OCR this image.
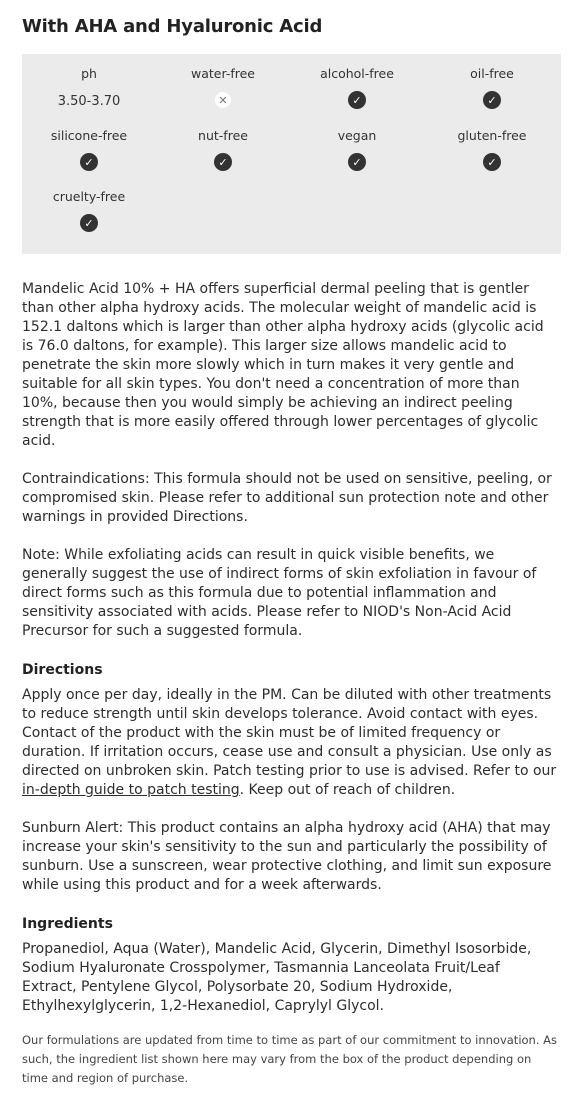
With AHA and Hyaluronic Acid
ph
3.50-3.70
water-free
✕
alcohol-free
✓
oil-free
✓
silicone-free
✓
nut-free
✓
vegan
✓
gluten-free
✓
cruelty-free
✓

Mandelic Acid 10% + HA offers superficial dermal peeling that is gentler than other alpha hydroxy acids. The molecular weight of mandelic acid is 152.1 daltons which is larger than other alpha hydroxy acids (glycolic acid is 76.0 daltons, for example). This larger size allows mandelic acid to penetrate the skin more slowly which in turn makes it very gentle and suitable for all skin types. You don't need a concentration of more than 10%, because then you would simply be achieving an indirect peeling strength that is more easily offered through lower percentages of glycolic acid.

Contraindications: This formula should not be used on sensitive, peeling, or compromised skin. Please refer to additional sun protection note and other warnings in provided Directions.

Note: While exfoliating acids can result in quick visible benefits, we generally suggest the use of indirect forms of skin exfoliation in favour of direct forms such as this formula due to potential inflammation and sensitivity associated with acids. Please refer to NIOD's Non-Acid Acid Precursor for such a suggested formula.

Directions

Apply once per day, ideally in the PM. Can be diluted with other treatments to reduce strength until skin develops tolerance. Avoid contact with eyes. Contact of the product with the skin must be of limited frequency or duration. If irritation occurs, cease use and consult a physician. Use only as directed on unbroken skin. Patch testing prior to use is advised. Refer to our in-depth guide to patch testing. Keep out of reach of children.

Sunburn Alert: This product contains an alpha hydroxy acid (AHA) that may increase your skin's sensitivity to the sun and particularly the possibility of sunburn. Use a sunscreen, wear protective clothing, and limit sun exposure while using this product and for a week afterwards.

Ingredients

Propanediol, Aqua (Water), Mandelic Acid, Glycerin, Dimethyl Isosorbide, Sodium Hyaluronate Crosspolymer, Tasmannia Lanceolata Fruit/Leaf Extract, Pentylene Glycol, Polysorbate 20, Sodium Hydroxide, Ethylhexylglycerin, 1,2-Hexanediol, Caprylyl Glycol.

Our formulations are updated from time to time as part of our commitment to innovation. As such, the ingredient list shown here may vary from the box of the product depending on time and region of purchase.
